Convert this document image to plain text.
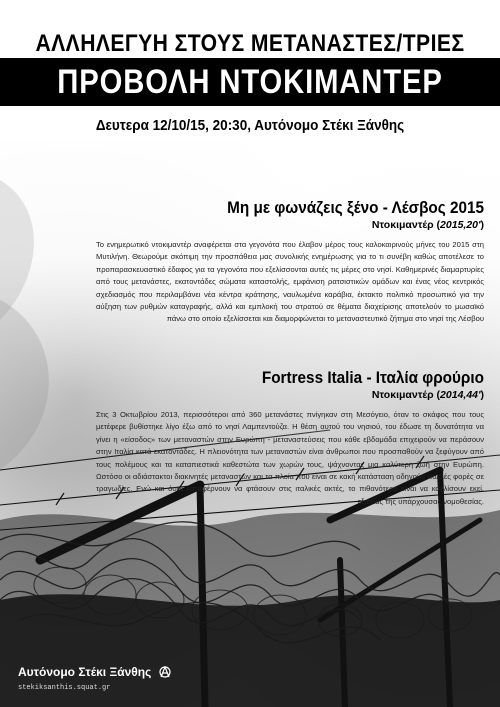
ΑΛΛΗΛΕΓΥΗ ΣΤΟΥΣ ΜΕΤΑΝΑΣΤΕΣ/ΤΡΙΕΣ
ΠΡΟΒΟΛΗ ΝΤΟΚΙΜΑΝΤΕΡ
Δευτερα 12/10/15, 20:30, Αυτόνομο Στέκι Ξάνθης
Μη με φωνάζεις ξένο - Λέσβος 2015
Ντοκιμαντέρ (2015,20')

Το ενημερωτικό ντοκιμαντέρ αναφέρεται στα γεγονότα που έλαβον μέρος τους καλοκαιρινούς μήνες του 2015 στη Μυτιλήνη. Θεωρούμε σκόπιμη την προσπάθεια μας συνολικής ενημέρωσης για το τι συνέβη καθώς αποτέλεσε το προπαρασκευαστικό έδαφος για τα γεγονότα που εξελίσσονται αυτές τις μέρες στο νησί. Καθημερινές διαμαρτυρίες από τους μετανάστες, εκατοντάδες σώματα καταστολής, εμφάνιση ρατσιστικών ομάδων και ένας νέος κεντρικός σχεδιασμός που περιλαμβάνει νέα κέντρα κράτησης, ναυλωμένα καράβια, έκτακτο πολιτικό προσωπικό για την αύξηση των ρυθμών καταγραφής, αλλά και εμπλοκή του στρατού σε θέματα διαχείρισης αποτελούν το μωσαϊκό πάνω στο οποίο εξελίσσεται και διαμορφώνεται το μεταναστευτικό ζήτημα στο νησί της Λέσβου

Fortress Italia - Ιταλία φρούριο
Ντοκιμαντέρ (2014,44')

Στις 3 Οκτωβρίου 2013, περισσότεροι από 360 μετανάστες πνίγηκαν στη Μεσόγειο, όταν το σκάφος που τους μετέφερε βυθίστηκε λίγο έξω από το νησί Λαμπεντούζα. Η θέση αυτού του νησιού, του έδωσε τη δυνατότητα να γίνει η «είσοδος» των μεταναστών στην Ευρώπη - μεταναστεύσεις που κάθε εβδομάδα επιχειρούν να περάσουν στην Ιταλία κατά εκατοντάδες. Η πλειονότητα των μεταναστών είναι άνθρωποι που προσπαθούν να ξεφύγουν από τους πολέμους και τα καταπιεστικά καθεστώτα των χωρών τους, ψάχνοντας μια καλύτερη ζωή στην Ευρώπη. Ωστόσο οι αδιάστακτοι διακινητές μεταναστών και τα πλοία που είναι σε κακή κατάσταση οδηγούν πολλές φορές σε τραγωδίες. Ενώ και όσοι καταφέρνουν να φτάσουν στις ιταλικές ακτές, το πιθανότερο είναι να καλλίσουν εκεί, εξαιτίας της υπάρχουσας νομοθεσίας.

Αυτόνομο Στέκι Ξάνθης
stekiksanthis.squat.gr
